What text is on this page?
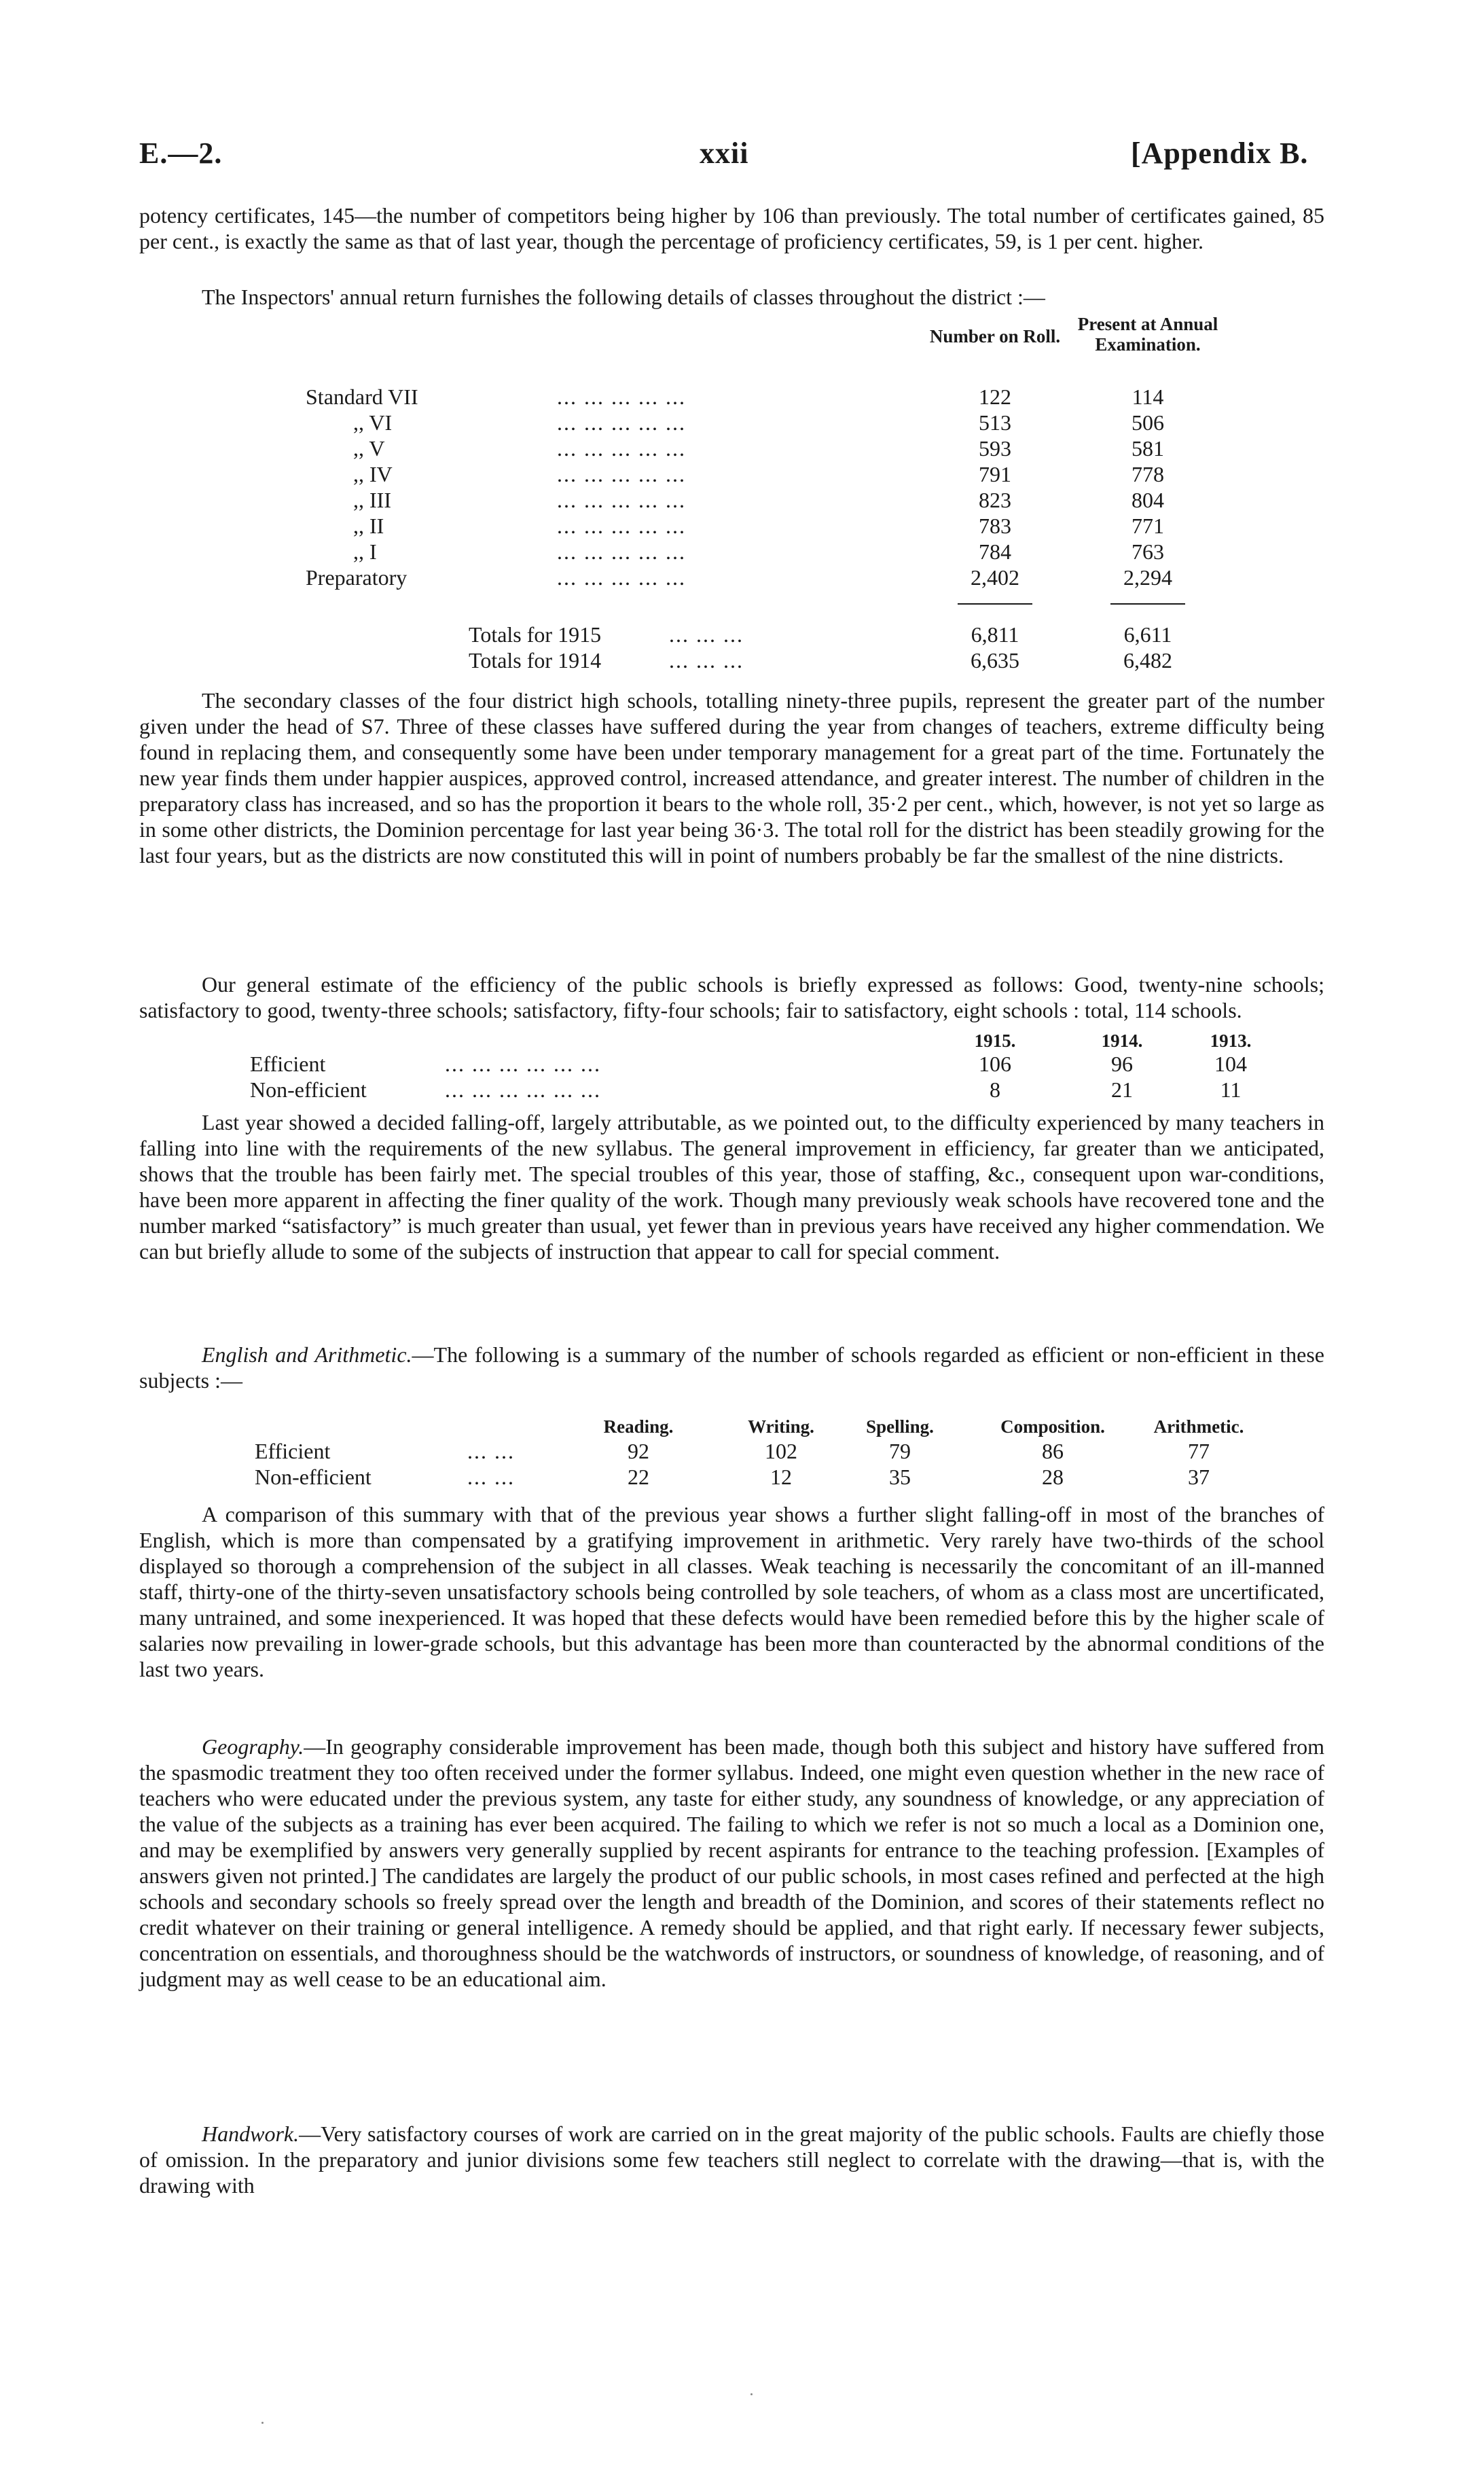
E.—2.	xxii	[Appendix B.
potency certificates, 145—the number of competitors being higher by 106 than previously. The total number of certificates gained, 85 per cent., is exactly the same as that of last year, though the percentage of proficiency certificates, 59, is 1 per cent. higher.
The Inspectors' annual return furnishes the following details of classes throughout the district :—
Number on Roll.
Present at Annual Examination.
Standard VII	... ... ... ... ...	122	114
,, VI	... ... ... ... ...	513	506
,, V	... ... ... ... ...	593	581
,, IV	... ... ... ... ...	791	778
,, III	... ... ... ... ...	823	804
,, II	... ... ... ... ...	783	771
,, I	... ... ... ... ...	784	763
Preparatory	... ... ... ... ...	2,402	2,294
Totals for 1915	... ... ...	6,811	6,611
Totals for 1914	... ... ...	6,635	6,482
The secondary classes of the four district high schools, totalling ninety-three pupils, represent the greater part of the number given under the head of S7. Three of these classes have suffered during the year from changes of teachers, extreme difficulty being found in replacing them, and consequently some have been under temporary management for a great part of the time. Fortunately the new year finds them under happier auspices, approved control, increased attendance, and greater interest. The number of children in the preparatory class has increased, and so has the proportion it bears to the whole roll, 35·2 per cent., which, however, is not yet so large as in some other districts, the Dominion percentage for last year being 36·3. The total roll for the district has been steadily growing for the last four years, but as the districts are now constituted this will in point of numbers probably be far the smallest of the nine districts.
Our general estimate of the efficiency of the public schools is briefly expressed as follows: Good, twenty-nine schools; satisfactory to good, twenty-three schools; satisfactory, fifty-four schools; fair to satisfactory, eight schools : total, 114 schools.
1915.	1914.	1913.
Efficient	... ... ... ... ... ...	106	96	104
Non-efficient	... ... ... ... ... ...	8	21	11
Last year showed a decided falling-off, largely attributable, as we pointed out, to the difficulty experienced by many teachers in falling into line with the requirements of the new syllabus. The general improvement in efficiency, far greater than we anticipated, shows that the trouble has been fairly met. The special troubles of this year, those of staffing, &c., consequent upon war-conditions, have been more apparent in affecting the finer quality of the work. Though many previously weak schools have recovered tone and the number marked “satisfactory” is much greater than usual, yet fewer than in previous years have received any higher commendation. We can but briefly allude to some of the subjects of instruction that appear to call for special comment.
English and Arithmetic.—The following is a summary of the number of schools regarded as efficient or non-efficient in these subjects :—
Reading.	Writing.	Spelling.	Composition.	Arithmetic.
Efficient	... ...	92	102	79	86	77
Non-efficient	... ...	22	12	35	28	37
A comparison of this summary with that of the previous year shows a further slight falling-off in most of the branches of English, which is more than compensated by a gratifying improvement in arithmetic. Very rarely have two-thirds of the school displayed so thorough a comprehension of the subject in all classes. Weak teaching is necessarily the concomitant of an ill-manned staff, thirty-one of the thirty-seven unsatisfactory schools being controlled by sole teachers, of whom as a class most are uncertificated, many untrained, and some inexperienced. It was hoped that these defects would have been remedied before this by the higher scale of salaries now prevailing in lower-grade schools, but this advantage has been more than counteracted by the abnormal conditions of the last two years.
Geography.—In geography considerable improvement has been made, though both this subject and history have suffered from the spasmodic treatment they too often received under the former syllabus. Indeed, one might even question whether in the new race of teachers who were educated under the previous system, any taste for either study, any soundness of knowledge, or any appreciation of the value of the subjects as a training has ever been acquired. The failing to which we refer is not so much a local as a Dominion one, and may be exemplified by answers very generally supplied by recent aspirants for entrance to the teaching profession. [Examples of answers given not printed.] The candidates are largely the product of our public schools, in most cases refined and perfected at the high schools and secondary schools so freely spread over the length and breadth of the Dominion, and scores of their statements reflect no credit whatever on their training or general intelligence. A remedy should be applied, and that right early. If necessary fewer subjects, concentration on essentials, and thoroughness should be the watchwords of instructors, or soundness of knowledge, of reasoning, and of judgment may as well cease to be an educational aim.
Handwork.—Very satisfactory courses of work are carried on in the great majority of the public schools. Faults are chiefly those of omission. In the preparatory and junior divisions some few teachers still neglect to correlate with the drawing—that is, with the drawing with
